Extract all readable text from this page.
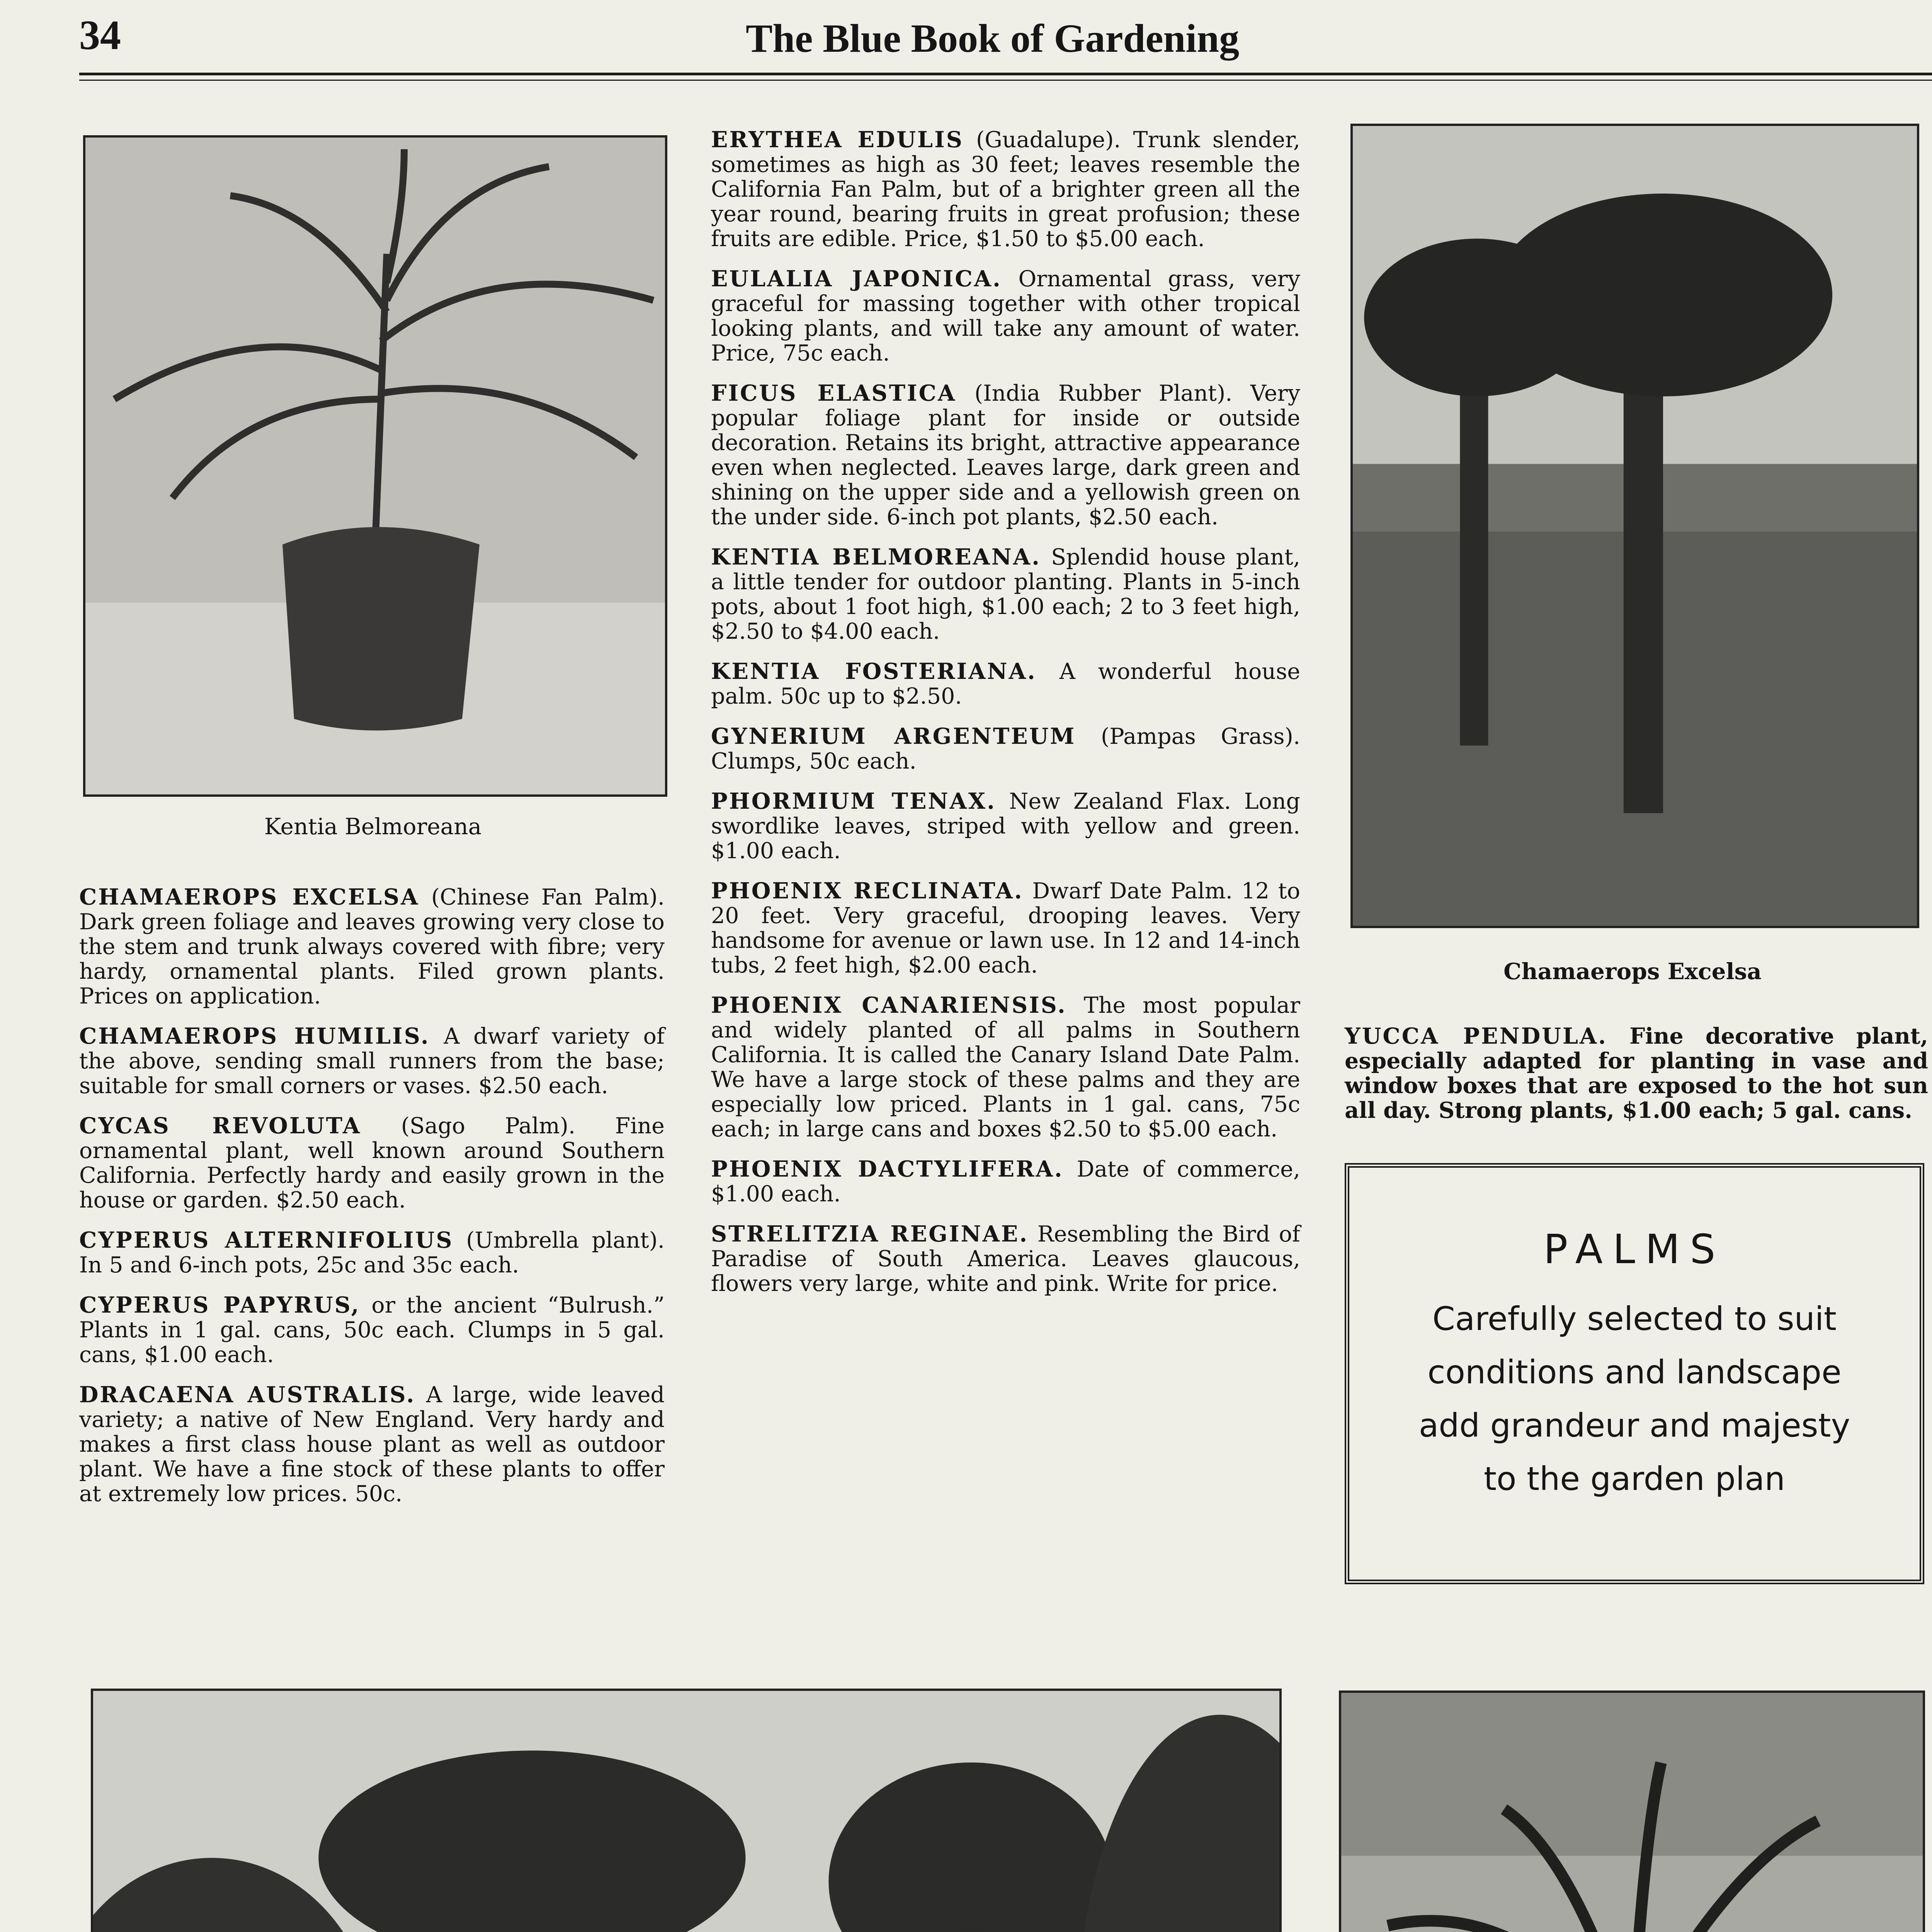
34	The Blue Book of Gardening
Kentia Belmoreana
Chamaerops Excelsa

CHAMAEROPS EXCELSA (Chinese Fan Palm). Dark green foliage and leaves growing very close to the stem and trunk always covered with fibre; very hardy, ornamental plants. Filed grown plants. Prices on application.

CHAMAEROPS HUMILIS. A dwarf variety of the above, sending small runners from the base; suitable for small corners or vases. $2.50 each.

CYCAS REVOLUTA (Sago Palm). Fine ornamental plant, well known around Southern California. Perfectly hardy and easily grown in the house or garden. $2.50 each.

CYPERUS ALTERNIFOLIUS (Umbrella plant). In 5 and 6-inch pots, 25c and 35c each.

CYPERUS PAPYRUS, or the ancient “Bulrush.” Plants in 1 gal. cans, 50c each. Clumps in 5 gal. cans, $1.00 each.

DRACAENA AUSTRALIS. A large, wide leaved variety; a native of New England. Very hardy and makes a first class house plant as well as outdoor plant. We have a fine stock of these plants to offer at extremely low prices. 50c.

ERYTHEA EDULIS (Guadalupe). Trunk slender, sometimes as high as 30 feet; leaves resemble the California Fan Palm, but of a brighter green all the year round, bearing fruits in great profusion; these fruits are edible. Price, $1.50 to $5.00 each.

EULALIA JAPONICA. Ornamental grass, very graceful for massing together with other tropical looking plants, and will take any amount of water. Price, 75c each.

FICUS ELASTICA (India Rubber Plant). Very popular foliage plant for inside or outside decoration. Retains its bright, attractive appearance even when neglected. Leaves large, dark green and shining on the upper side and a yellowish green on the under side. 6-inch pot plants, $2.50 each.

KENTIA BELMOREANA. Splendid house plant, a little tender for outdoor planting. Plants in 5-inch pots, about 1 foot high, $1.00 each; 2 to 3 feet high, $2.50 to $4.00 each.

KENTIA FOSTERIANA. A wonderful house palm. 50c up to $2.50.

GYNERIUM ARGENTEUM (Pampas Grass). Clumps, 50c each.

PHORMIUM TENAX. New Zealand Flax. Long swordlike leaves, striped with yellow and green. $1.00 each.

PHOENIX RECLINATA. Dwarf Date Palm. 12 to 20 feet. Very graceful, drooping leaves. Very handsome for avenue or lawn use. In 12 and 14-inch tubs, 2 feet high, $2.00 each.

PHOENIX CANARIENSIS. The most popular and widely planted of all palms in Southern California. It is called the Canary Island Date Palm. We have a large stock of these palms and they are especially low priced. Plants in 1 gal. cans, 75c each; in large cans and boxes $2.50 to $5.00 each.

PHOENIX DACTYLIFERA. Date of commerce, $1.00 each.

STRELITZIA REGINAE. Resembling the Bird of Paradise of South America. Leaves glaucous, flowers very large, white and pink. Write for price.

YUCCA PENDULA. Fine decorative plant, especially adapted for planting in vase and window boxes that are exposed to the hot sun all day. Strong plants, $1.00 each; 5 gal. cans.

PALMS
Carefully selected to suit
conditions and landscape
add grandeur and majesty
to the garden plan
